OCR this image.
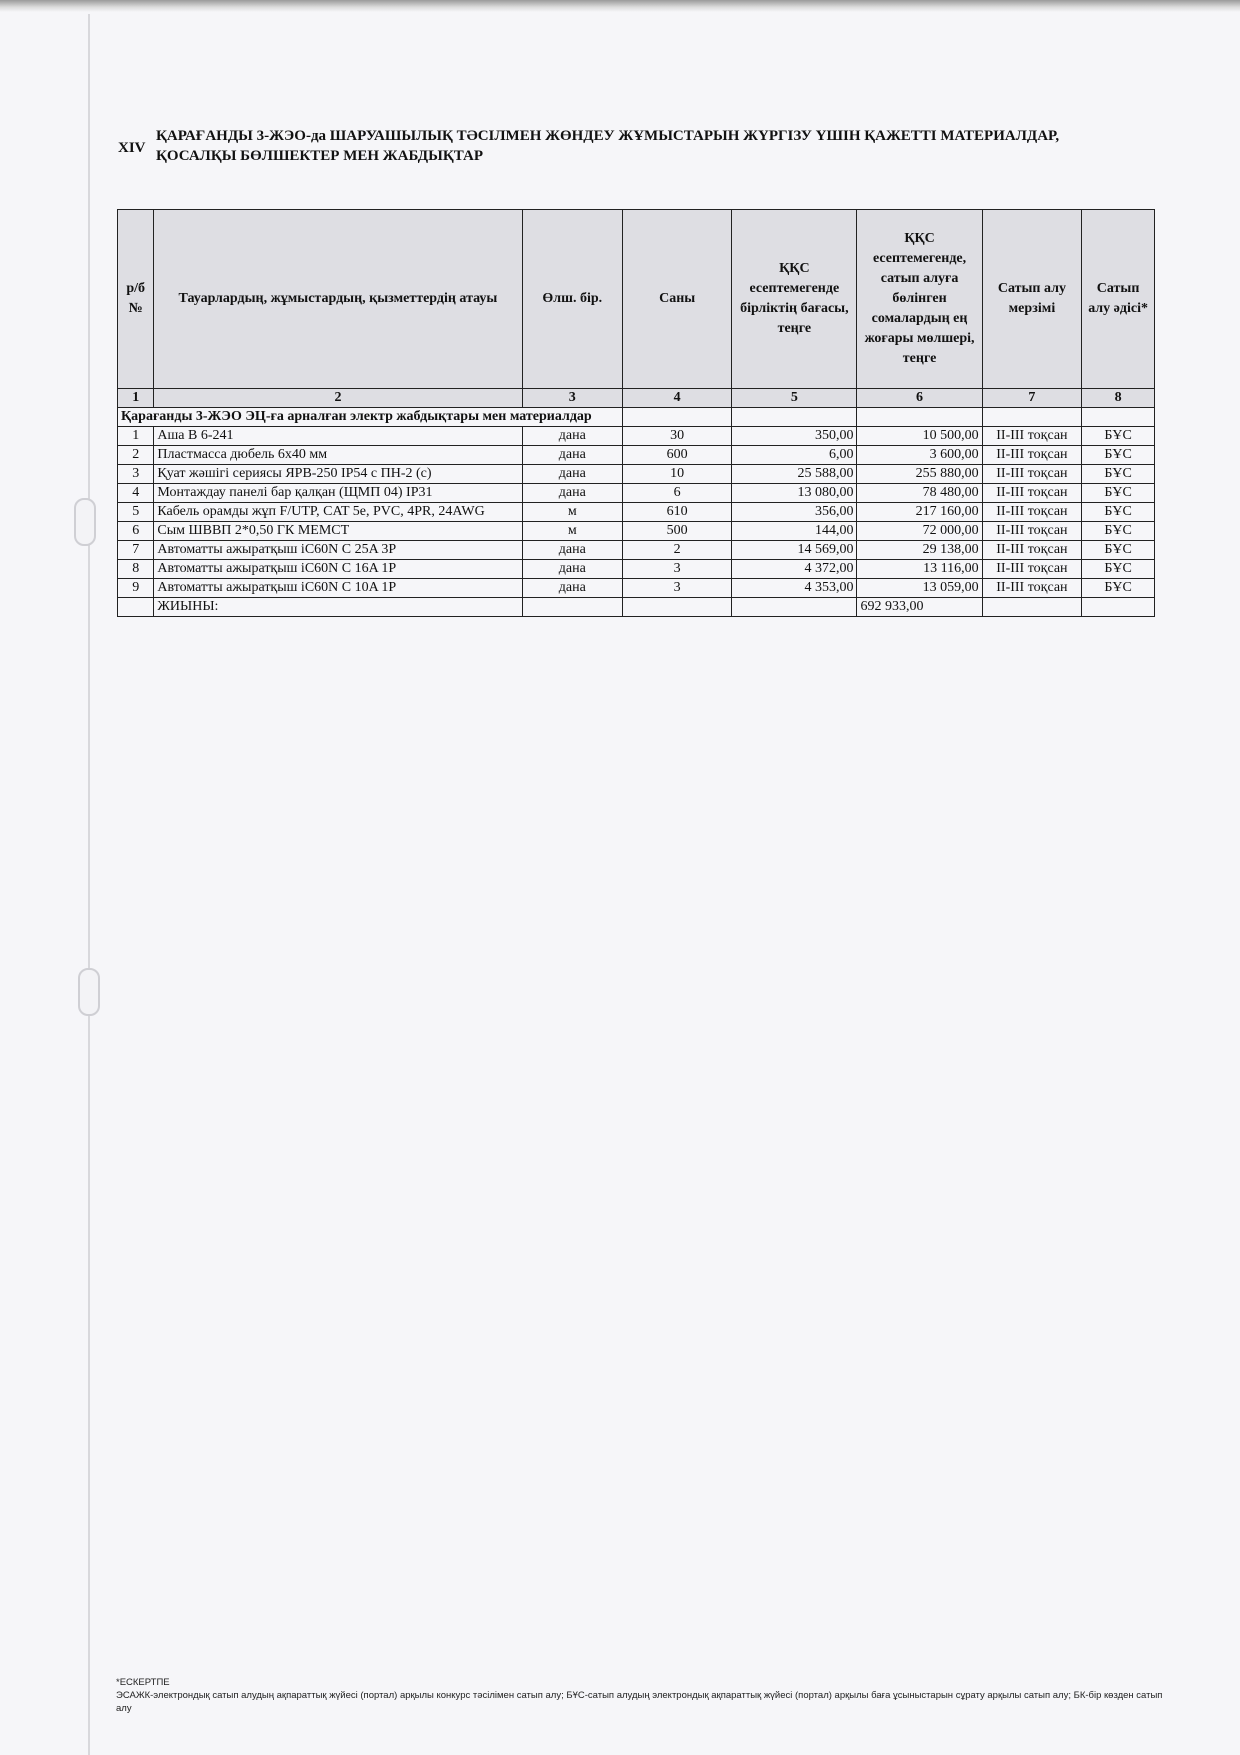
XIV
ҚАРАҒАНДЫ 3-ЖЭО-да ШАРУАШЫЛЫҚ ТӘСІЛМЕН ЖӨНДЕУ ЖҰМЫСТАРЫН ЖҮРГІЗУ ҮШІН ҚАЖЕТТІ МАТЕРИАЛДАР,
ҚОСАЛҚЫ БӨЛШЕКТЕР МЕН ЖАБДЫҚТАР
р/б №	Тауарлардың, жұмыстардың, қызметтердің атауы	Өлш. бір.	Саны	ҚҚС есептемегенде бірліктің бағасы, теңге	ҚҚС есептемегенде, сатып алуға бөлінген сомалардың ең жоғары мөлшері, теңге	Сатып алу мерзімі	Сатып алу әдісі*
1	2	3	4	5	6	7	8
Қарағанды 3-ЖЭО ЭЦ-ға арналған электр жабдықтары мен материалдар							
1	Аша В 6-241	дана	30	350,00	10 500,00	II-III тоқсан	БҰС
2	Пластмасса дюбель 6х40 мм	дана	600	6,00	3 600,00	II-III тоқсан	БҰС
3	Қуат жәшігі сериясы ЯРВ-250 IP54 с ПН-2 (с)	дана	10	25 588,00	255 880,00	II-III тоқсан	БҰС
4	Монтаждау панелі бар қалқан (ЩМП 04) IP31	дана	6	13 080,00	78 480,00	II-III тоқсан	БҰС
5	Кабель орамды жұп F/UTP, CAT 5e, PVC, 4PR, 24AWG	м	610	356,00	217 160,00	II-III тоқсан	БҰС
6	Сым ШВВП 2*0,50 ГК МЕМСТ	м	500	144,00	72 000,00	II-III тоқсан	БҰС
7	Автоматты ажыратқыш iC60N C 25A 3P	дана	2	14 569,00	29 138,00	II-III тоқсан	БҰС
8	Автоматты ажыратқыш iC60N C 16A 1P	дана	3	4 372,00	13 116,00	II-III тоқсан	БҰС
9	Автоматты ажыратқыш iC60N C 10A 1P	дана	3	4 353,00	13 059,00	II-III тоқсан	БҰС
	ЖИЫНЫ:				692 933,00		
*ЕСКЕРТПЕ
ЭСАЖК-электрондық сатып алудың ақпараттық жүйесі (портал) арқылы конкурс тәсілімен сатып алу; БҰС-сатып алудың электрондық ақпараттық жүйесі (портал) арқылы баға ұсыныстарын сұрату арқылы сатып алу; БК-бір көзден сатып алу
